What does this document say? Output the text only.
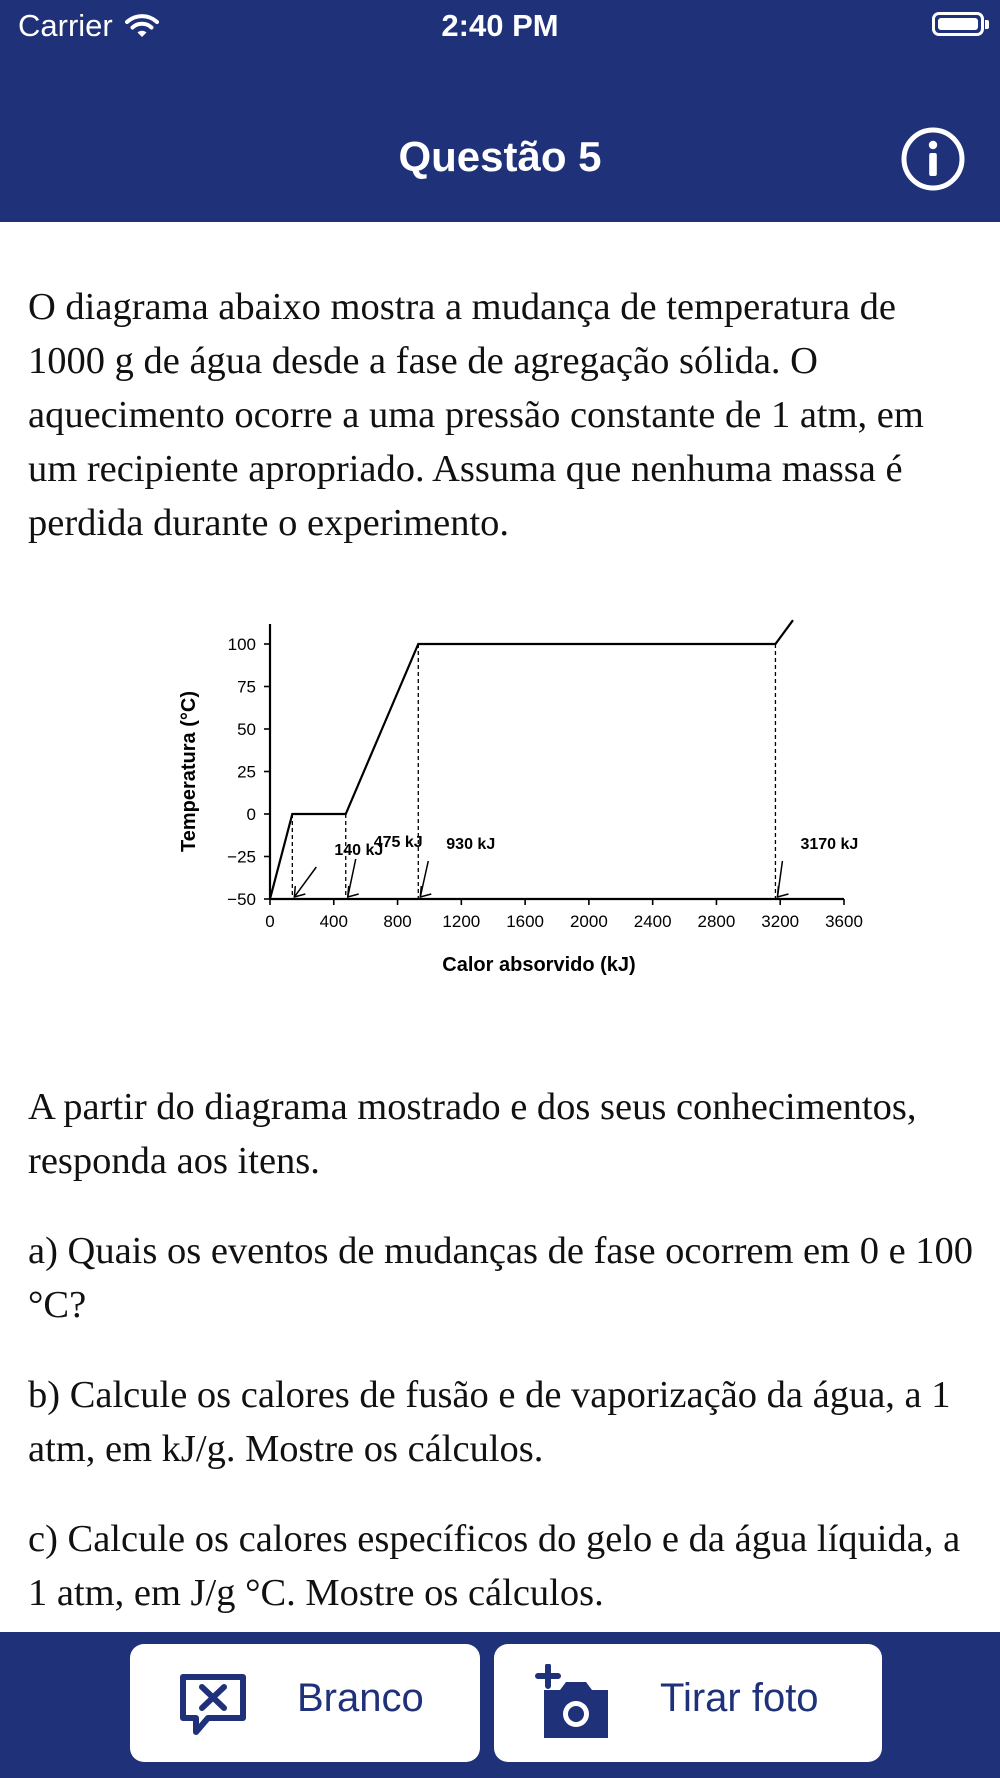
Carrier	2:40 PM
Questão 5

O diagrama abaixo mostra a mudança de temperatura de 1000 g de água desde a fase de agregação sólida. O aquecimento ocorre a uma pressão constante de 1 atm, em um recipiente apropriado. Assuma que nenhuma massa é perdida durante o experimento.

100
75
50
25
0
−25
−50
0	400 800 1200 1600 2000 2400 2800 3200 3600
Calor absorvido (kJ)
Temperatura (°C)	140 kJ
475 kJ 930 kJ	3170 kJ

A partir do diagrama mostrado e dos seus conhecimentos, responda aos itens.

a) Quais os eventos de mudanças de fase ocorrem em 0 e 100 °C?

b) Calcule os calores de fusão e de vaporização da água, a 1 atm, em kJ/g. Mostre os cálculos.

c) Calcule os calores específicos do gelo e da água líquida, a 1 atm, em J/g °C. Mostre os cálculos.

Branco	Tirar foto
